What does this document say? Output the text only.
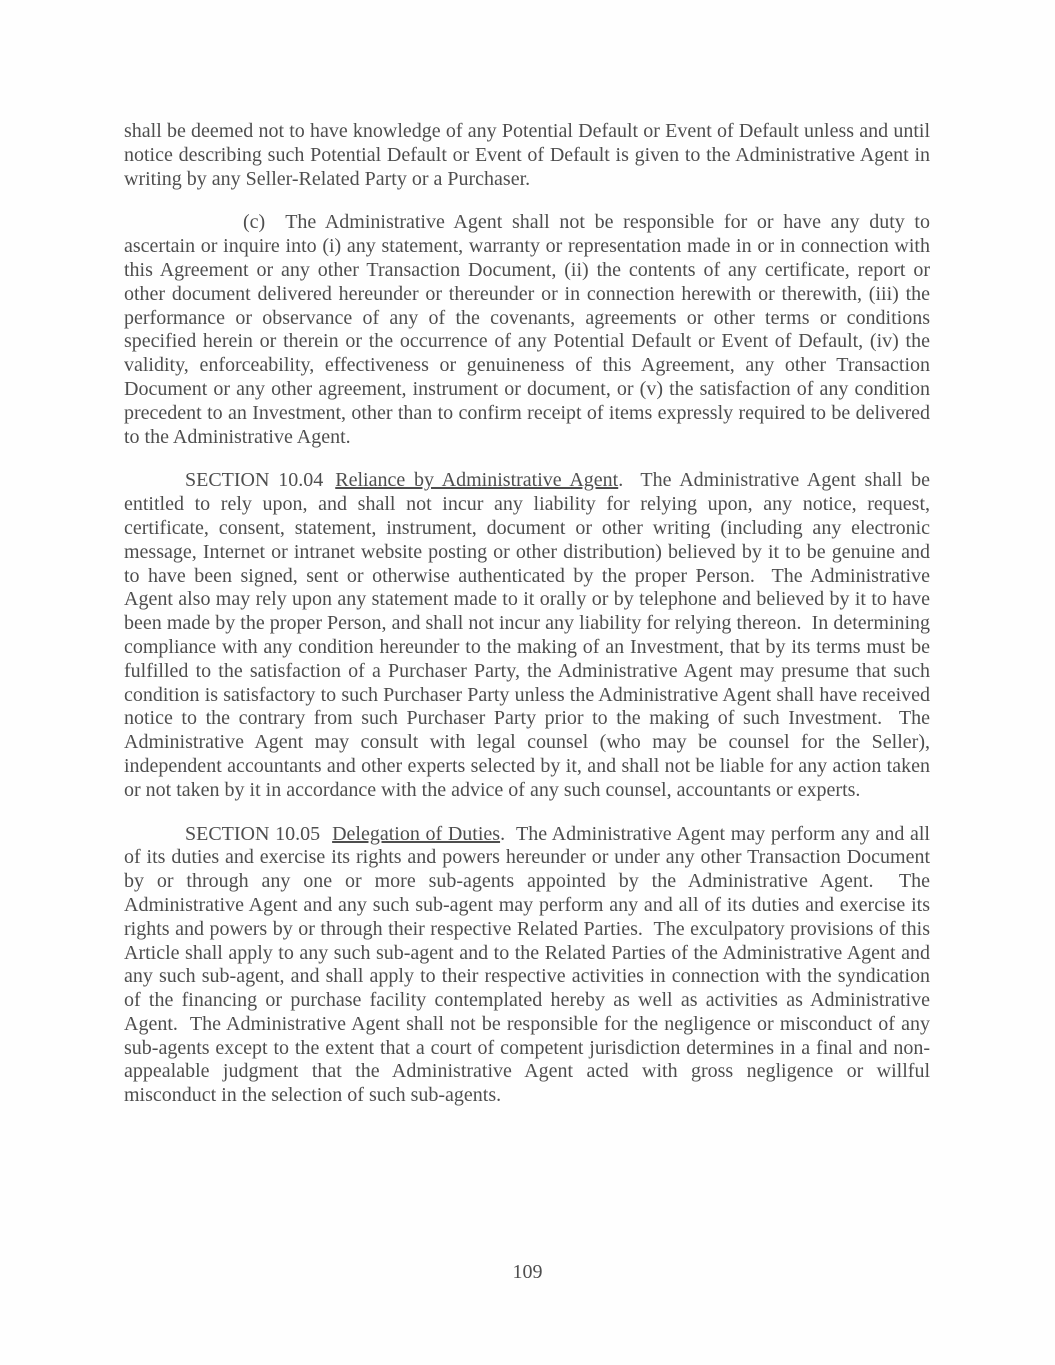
shall be deemed not to have knowledge of any Potential Default or Event of Default unless and until notice describing such Potential Default or Event of Default is given to the Administrative Agent in writing by any Seller-Related Party or a Purchaser.

(c) The Administrative Agent shall not be responsible for or have any duty to ascertain or inquire into (i) any statement, warranty or representation made in or in connection with this Agreement or any other Transaction Document, (ii) the contents of any certificate, report or other document delivered hereunder or thereunder or in connection herewith or therewith, (iii) the performance or observance of any of the covenants, agreements or other terms or conditions specified herein or therein or the occurrence of any Potential Default or Event of Default, (iv) the validity, enforceability, effectiveness or genuineness of this Agreement, any other Transaction Document or any other agreement, instrument or document, or (v) the satisfaction of any condition precedent to an Investment, other than to confirm receipt of items expressly required to be delivered to the Administrative Agent.

SECTION 10.04 Reliance by Administrative Agent.  The Administrative Agent shall be entitled to rely upon, and shall not incur any liability for relying upon, any notice, request, certificate, consent, statement, instrument, document or other writing (including any electronic message, Internet or intranet website posting or other distribution) believed by it to be genuine and to have been signed, sent or otherwise authenticated by the proper Person.  The Administrative Agent also may rely upon any statement made to it orally or by telephone and believed by it to have been made by the proper Person, and shall not incur any liability for relying thereon.  In determining compliance with any condition hereunder to the making of an Investment, that by its terms must be fulfilled to the satisfaction of a Purchaser Party, the Administrative Agent may presume that such condition is satisfactory to such Purchaser Party unless the Administrative Agent shall have received notice to the contrary from such Purchaser Party prior to the making of such Investment.  The Administrative Agent may consult with legal counsel (who may be counsel for the Seller), independent accountants and other experts selected by it, and shall not be liable for any action taken or not taken by it in accordance with the advice of any such counsel, accountants or experts.

SECTION 10.05 Delegation of Duties.  The Administrative Agent may perform any and all of its duties and exercise its rights and powers hereunder or under any other Transaction Document by or through any one or more sub-agents appointed by the Administrative Agent.  The Administrative Agent and any such sub-agent may perform any and all of its duties and exercise its rights and powers by or through their respective Related Parties.  The exculpatory provisions of this Article shall apply to any such sub-agent and to the Related Parties of the Administrative Agent and any such sub-agent, and shall apply to their respective activities in connection with the syndication of the financing or purchase facility contemplated hereby as well as activities as Administrative Agent.  The Administrative Agent shall not be responsible for the negligence or misconduct of any sub-agents except to the extent that a court of competent jurisdiction determines in a final and non-appealable judgment that the Administrative Agent acted with gross negligence or willful misconduct in the selection of such sub-agents.

109
